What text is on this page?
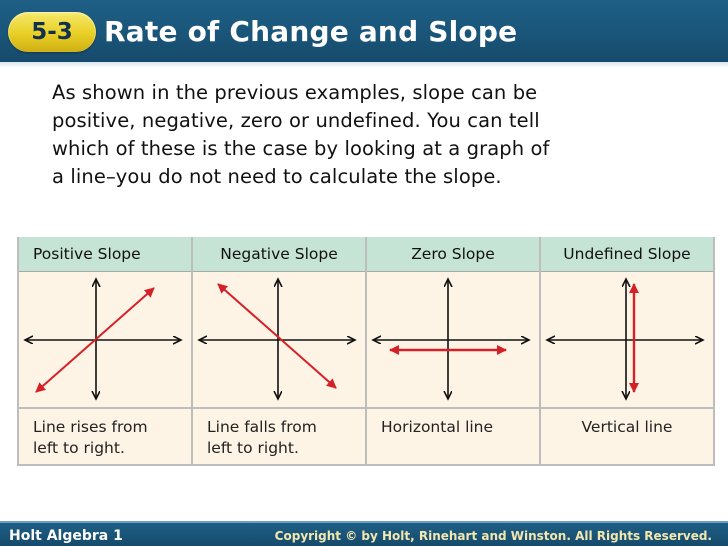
5-3	Rate of Change and Slope
As shown in the previous examples, slope can be
positive, negative, zero or undefined. You can tell
which of these is the case by looking at a graph of
a line–you do not need to calculate the slope.
Positive Slope	Negative Slope	Zero Slope	Undefined Slope

Line rises from
left to right.	Line falls from
left to right.	Horizontal line	Vertical line
Holt Algebra 1	Copyright © by Holt, Rinehart and Winston. All Rights Reserved.
